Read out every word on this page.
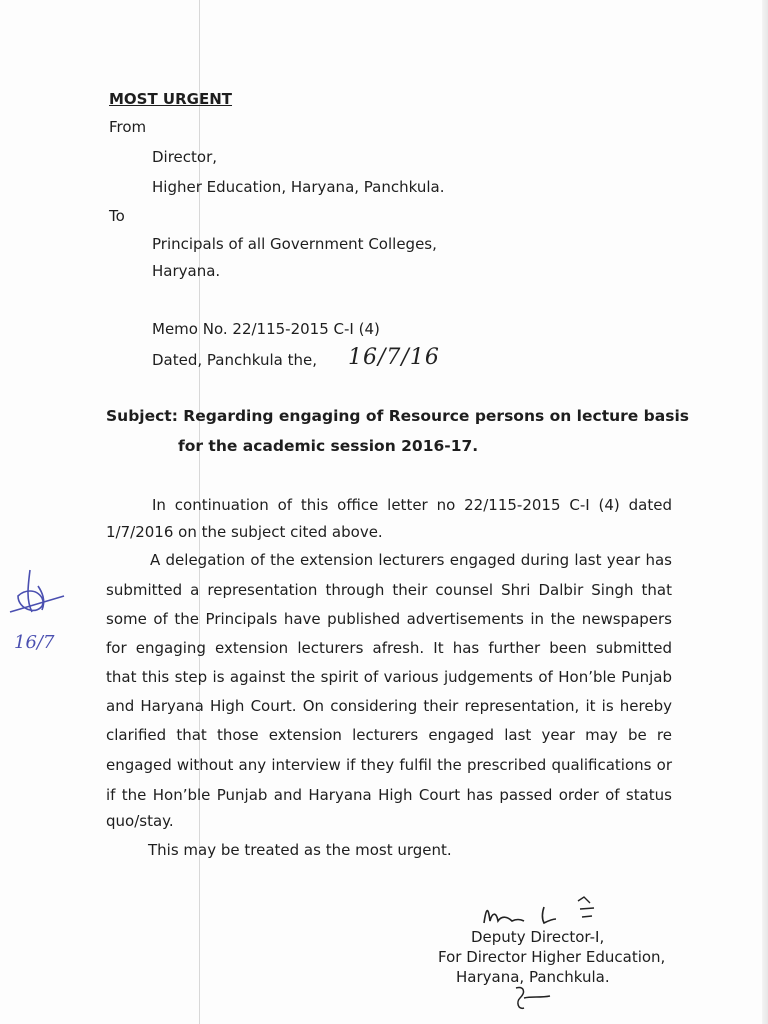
MOST URGENT
From
Director,
Higher Education, Haryana, Panchkula.
To
Principals of all Government Colleges,
Haryana.
Memo No. 22/115-2015 C-I (4)
Dated, Panchkula the, 16/7/16
Subject: Regarding engaging of Resource persons on lecture basis
for the academic session 2016-17.
In continuation of this office letter no 22/115-2015 C-I (4) dated
1/7/2016 on the subject cited above.
A delegation of the extension lecturers engaged during last year has
submitted a representation through their counsel Shri Dalbir Singh that
some of the Principals have published advertisements in the newspapers
for engaging extension lecturers afresh. It has further been submitted
that this step is against the spirit of various judgements of Hon’ble Punjab
and Haryana High Court. On considering their representation, it is hereby
clarified that those extension lecturers engaged last year may be re
engaged without any interview if they fulfil the prescribed qualifications or
if the Hon’ble Punjab and Haryana High Court has passed order of status
quo/stay.
This may be treated as the most urgent.
Deputy Director-I,
For Director Higher Education,
Haryana, Panchkula.
16/7
